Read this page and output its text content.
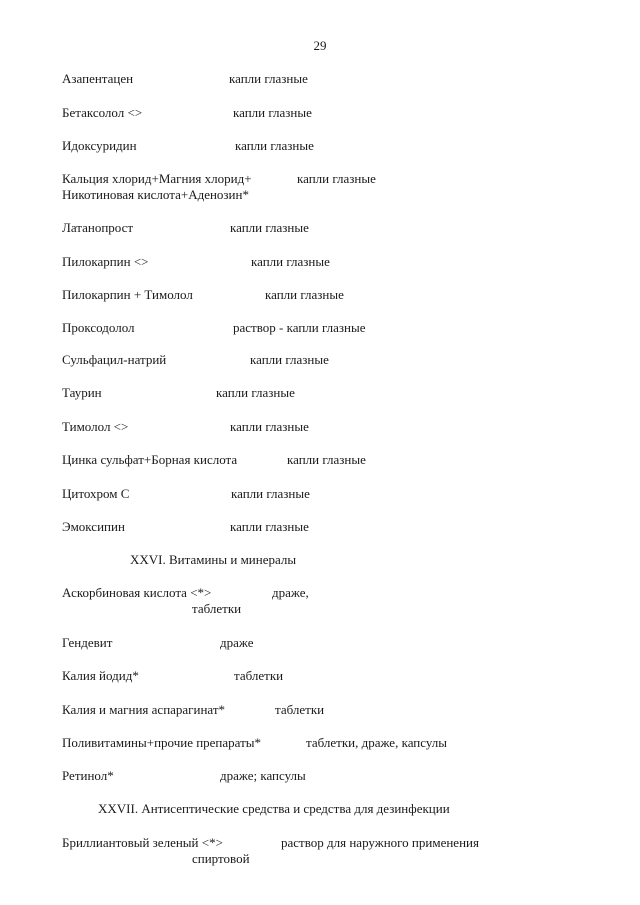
29
Азапентацен	капли глазные
Бетаксолол <>	капли глазные
Идоксуридин	капли глазные
Кальция хлорид+Магния хлорид+	капли глазные
Никотиновая кислота+Аденозин*
Латанопрост	капли глазные
Пилокарпин <>	капли глазные
Пилокарпин + Тимолол	капли глазные
Проксодолол	раствор - капли глазные
Сульфацил-натрий	капли глазные
Таурин	капли глазные
Тимолол <>	капли глазные
Цинка сульфат+Борная кислота	капли глазные
Цитохром С	капли глазные
Эмоксипин	капли глазные
XXVI. Витамины и минералы
Аскорбиновая кислота <*>	драже,
таблетки
Гендевит	драже
Калия йодид*	таблетки
Калия и магния аспарагинат*	таблетки
Поливитамины+прочие препараты*	таблетки, драже, капсулы
Ретинол*	драже; капсулы
XXVII. Антисептические средства и средства для дезинфекции
Бриллиантовый зеленый <*>	раствор для наружного применения
спиртовой
